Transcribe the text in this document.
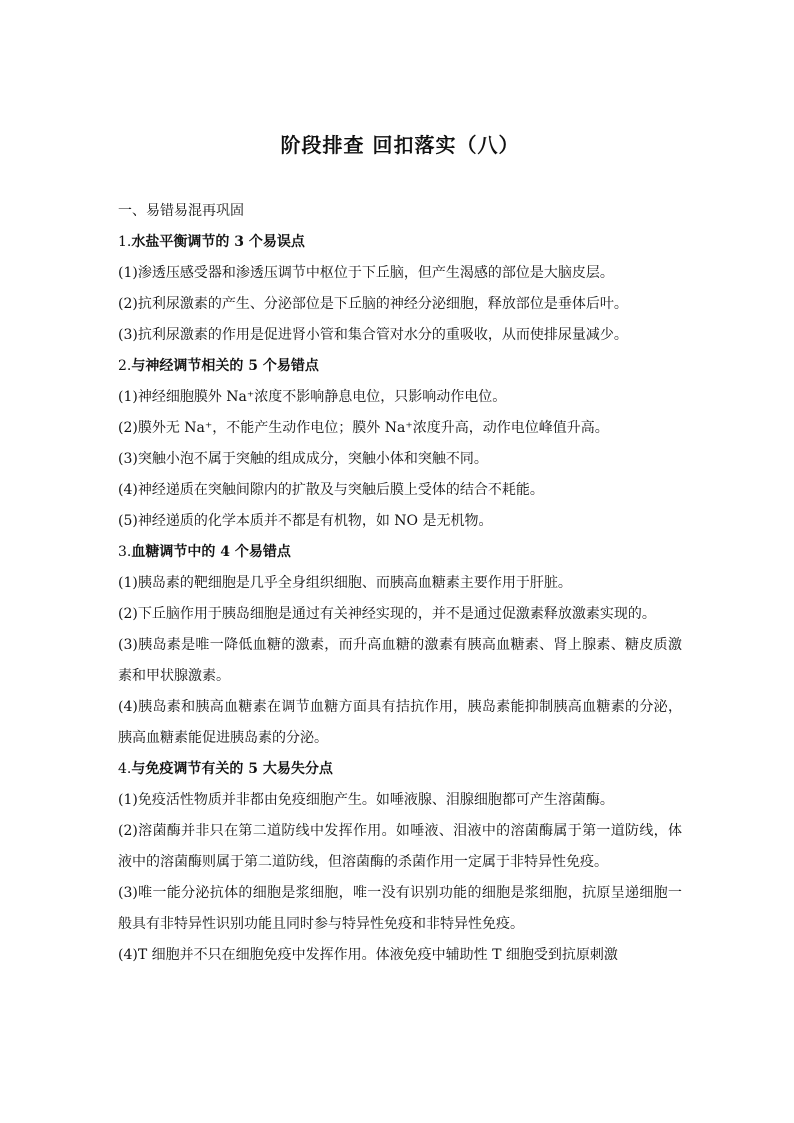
阶段排查 回扣落实（八）
一、易错易混再巩固
1.水盐平衡调节的 3 个易误点

(1)渗透压感受器和渗透压调节中枢位于下丘脑，但产生渴感的部位是大脑皮层。

(2)抗利尿激素的产生、分泌部位是下丘脑的神经分泌细胞，释放部位是垂体后叶。

(3)抗利尿激素的作用是促进肾小管和集合管对水分的重吸收，从而使排尿量减少。

2.与神经调节相关的 5 个易错点

(1)神经细胞膜外 Na⁺浓度不影响静息电位，只影响动作电位。

(2)膜外无 Na⁺，不能产生动作电位；膜外 Na⁺浓度升高，动作电位峰值升高。

(3)突触小泡不属于突触的组成成分，突触小体和突触不同。

(4)神经递质在突触间隙内的扩散及与突触后膜上受体的结合不耗能。

(5)神经递质的化学本质并不都是有机物，如 NO 是无机物。

3.血糖调节中的 4 个易错点

(1)胰岛素的靶细胞是几乎全身组织细胞、而胰高血糖素主要作用于肝脏。

(2)下丘脑作用于胰岛细胞是通过有关神经实现的，并不是通过促激素释放激素实现的。

(3)胰岛素是唯一降低血糖的激素，而升高血糖的激素有胰高血糖素、肾上腺素、糖皮质激素和甲状腺激素。

(4)胰岛素和胰高血糖素在调节血糖方面具有拮抗作用，胰岛素能抑制胰高血糖素的分泌，胰高血糖素能促进胰岛素的分泌。

4.与免疫调节有关的 5 大易失分点

(1)免疫活性物质并非都由免疫细胞产生。如唾液腺、泪腺细胞都可产生溶菌酶。

(2)溶菌酶并非只在第二道防线中发挥作用。如唾液、泪液中的溶菌酶属于第一道防线，体液中的溶菌酶则属于第二道防线，但溶菌酶的杀菌作用一定属于非特异性免疫。

(3)唯一能分泌抗体的细胞是浆细胞，唯一没有识别功能的细胞是浆细胞，抗原呈递细胞一般具有非特异性识别功能且同时参与特异性免疫和非特异性免疫。

(4)T 细胞并不只在细胞免疫中发挥作用。体液免疫中辅助性 T 细胞受到抗原刺激
